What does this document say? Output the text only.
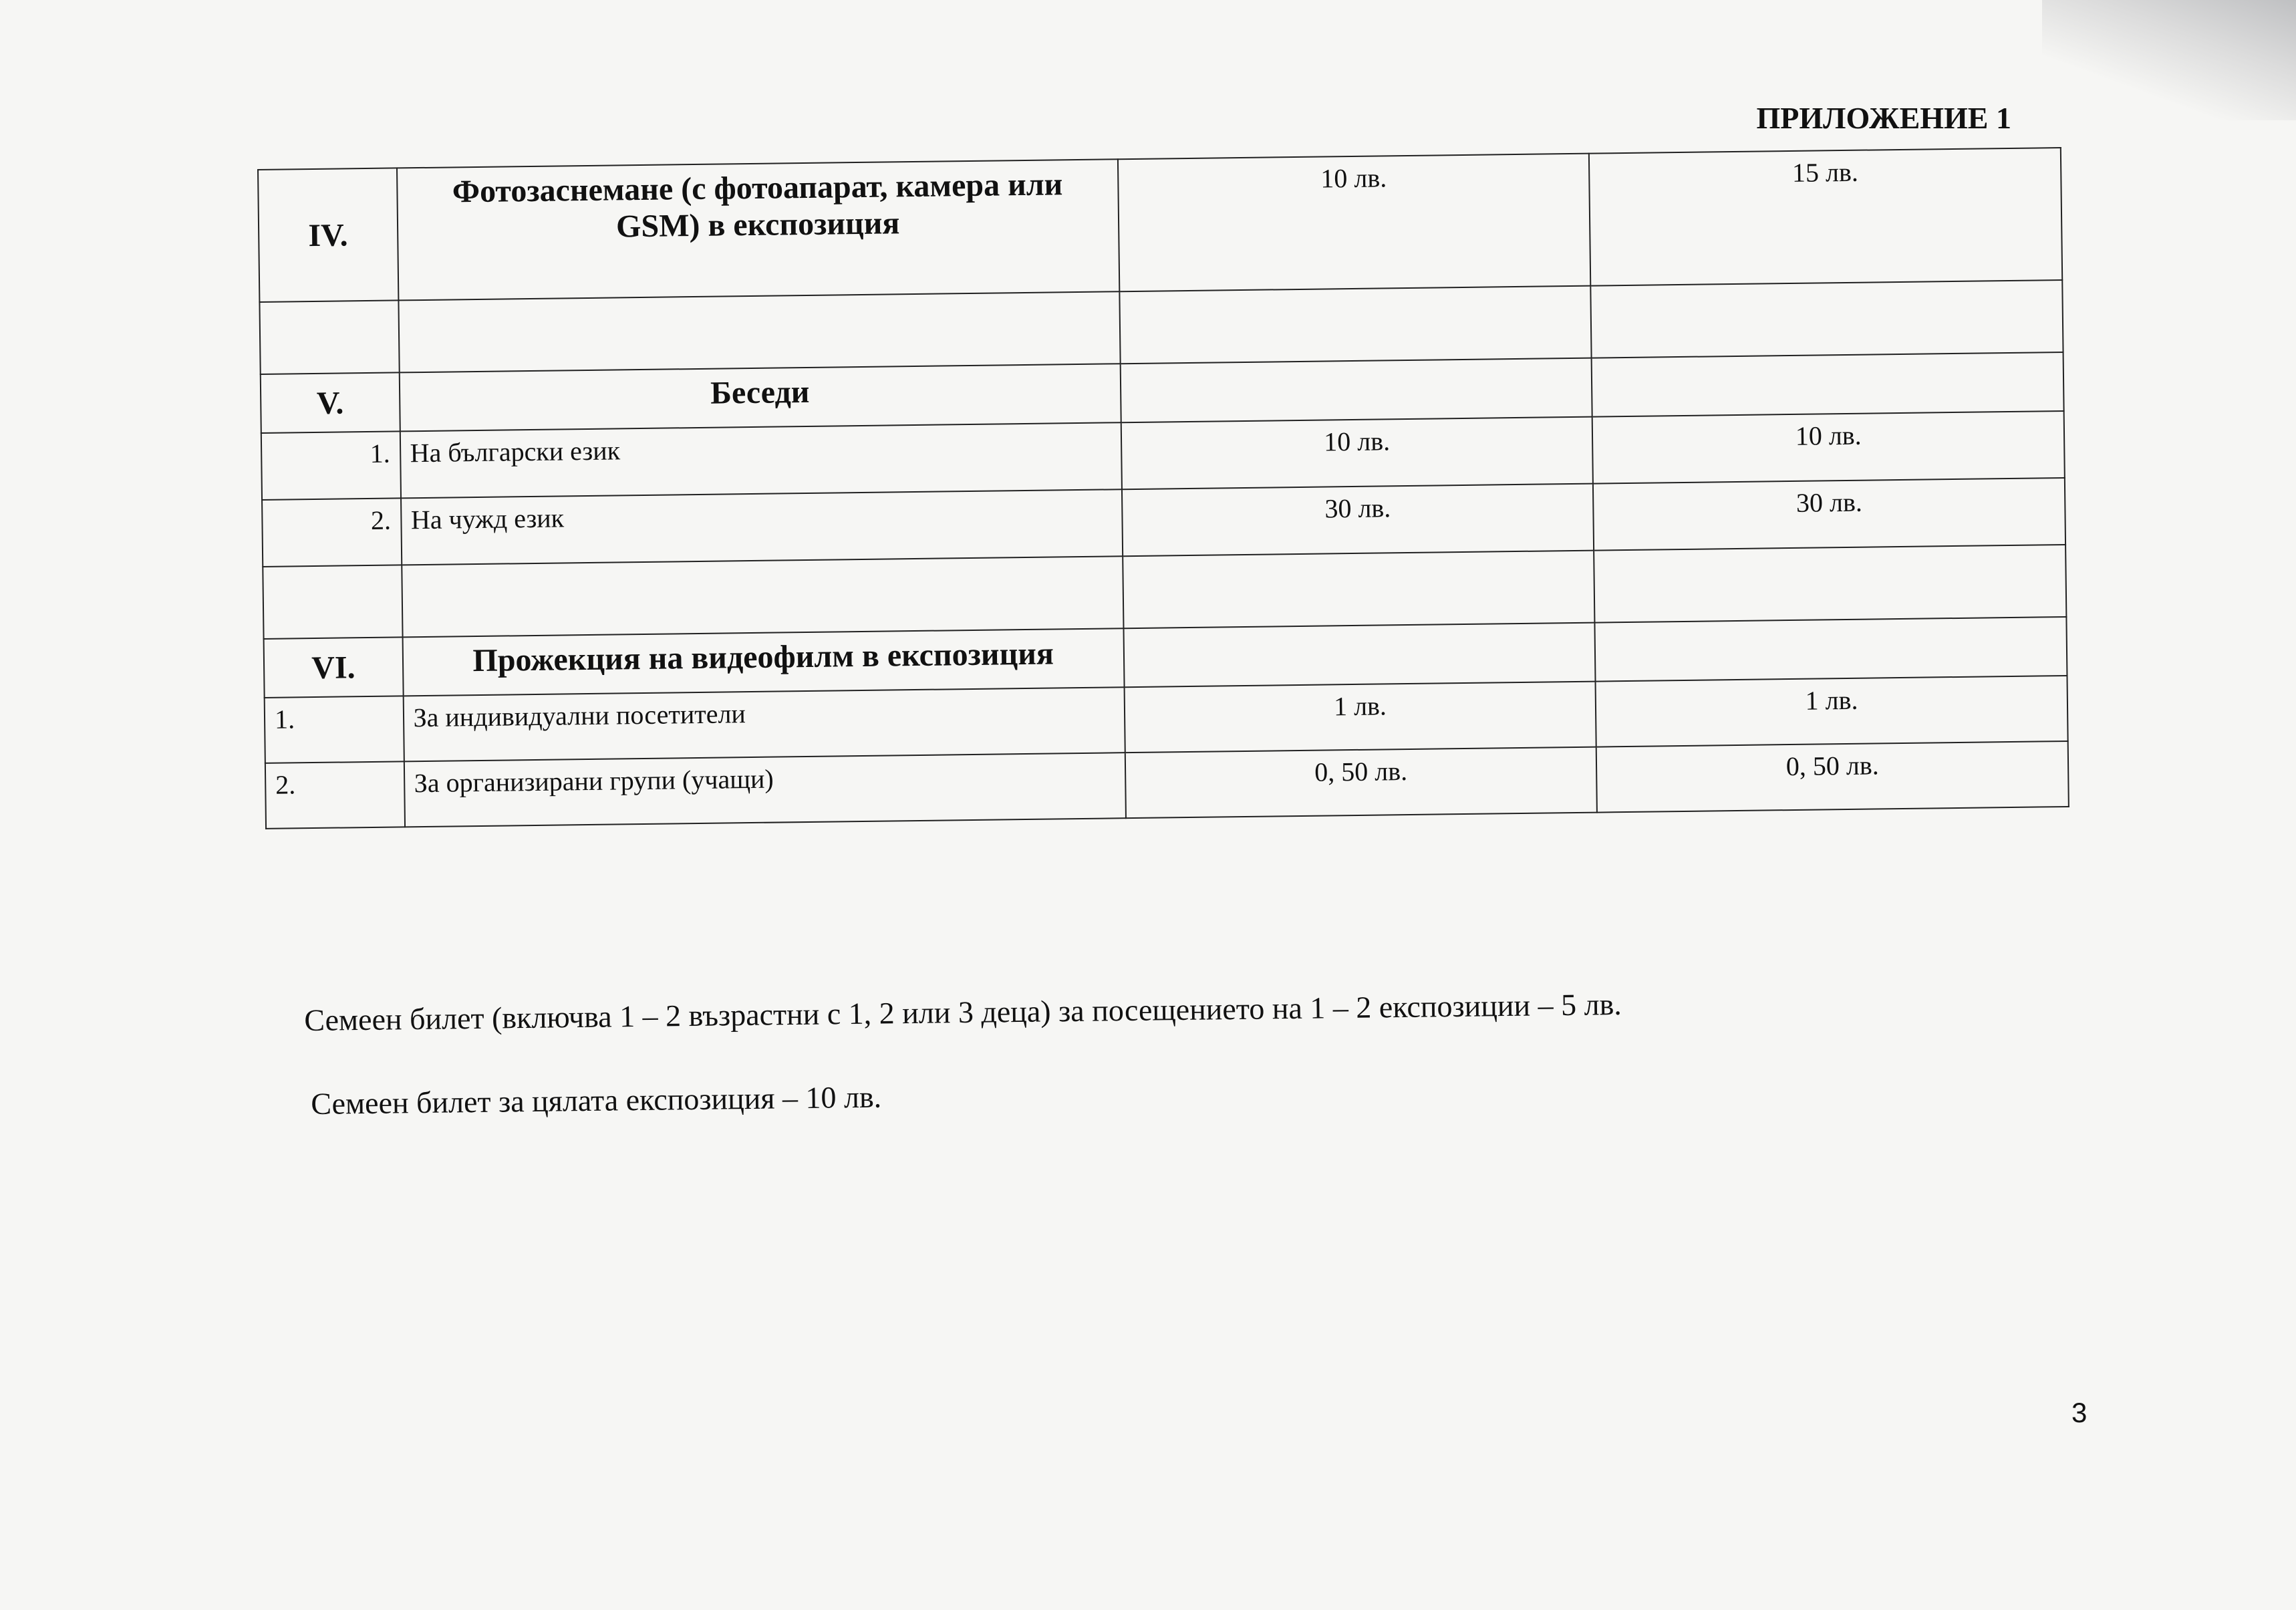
ПРИЛОЖЕНИЕ 1
IV.	Фотозаснемане (с фотоапарат, камера или GSM) в експозиция	10 лв.	15 лв.

V.	Беседи		
1.	На български език	10 лв.	10 лв.
2.	На чужд език	30 лв.	30 лв.

VI.	Прожекция на видеофилм в експозиция		
1.	За индивидуални посетители	1 лв.	1 лв.
2.	За организирани групи (учащи)	0, 50 лв.	0, 50 лв.
Семеен билет (включва 1 – 2 възрастни с 1, 2 или 3 деца) за посещението на 1 – 2 експозиции – 5 лв.
Семеен билет за цялата експозиция – 10 лв.
3
